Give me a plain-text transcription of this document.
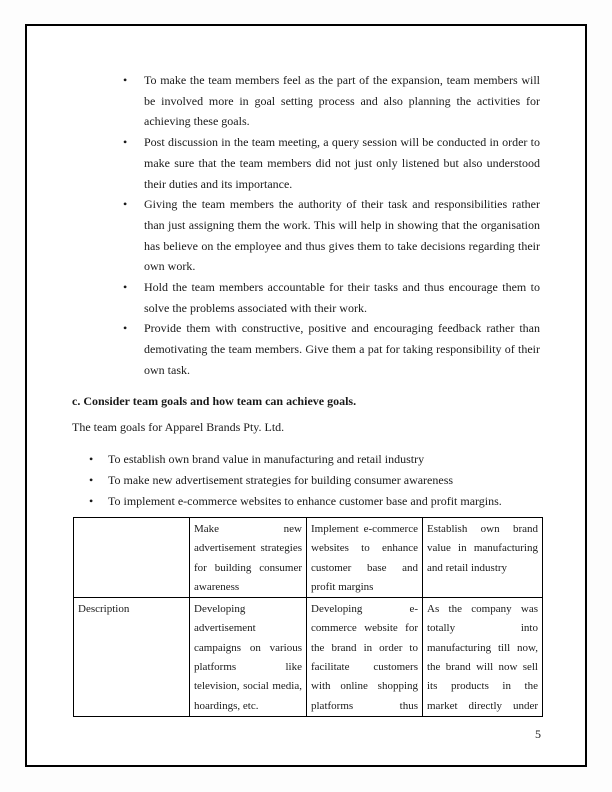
• To make the team members feel as the part of the expansion, team members will be involved more in goal setting process and also planning the activities for achieving these goals.
• Post discussion in the team meeting, a query session will be conducted in order to make sure that the team members did not just only listened but also understood their duties and its importance.
• Giving the team members the authority of their task and responsibilities rather than just assigning them the work. This will help in showing that the organisation has believe on the employee and thus gives them to take decisions regarding their own work.
• Hold the team members accountable for their tasks and thus encourage them to solve the problems associated with their work.
• Provide them with constructive, positive and encouraging feedback rather than demotivating the team members. Give them a pat for taking responsibility of their own task.

c. Consider team goals and how team can achieve goals.

The team goals for Apparel Brands Pty. Ltd.

• To establish own brand value in manufacturing and retail industry
• To make new advertisement strategies for building consumer awareness
• To implement e-commerce websites to enhance customer base and profit margins.

	Make new advertisement strategies for building consumer awareness	Implement e-commerce websites to enhance customer base and profit margins	Establish own brand value in manufacturing and retail industry

Description	Developing advertisement campaigns on various platforms like television, social media, hoardings, etc.	Developing e-commerce website for the brand in order to facilitate customers with online shopping platforms thus	As the company was totally into manufacturing till now, the brand will now sell its products in the market directly under
5
